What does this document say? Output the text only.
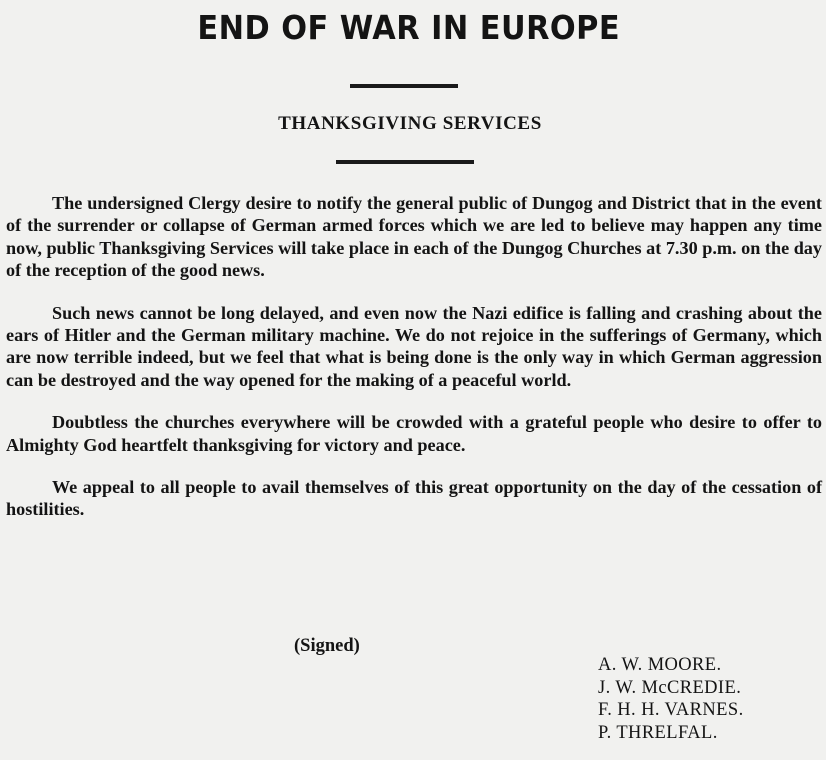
END OF WAR IN EUROPE
THANKSGIVING SERVICES

The undersigned Clergy desire to notify the general public of Dungog and District that in the event of the surrender or collapse of German armed forces which we are led to believe may happen any time now, public Thanksgiving Services will take place in each of the Dungog Churches at 7.30 p.m. on the day of the reception of the good news.

Such news cannot be long delayed, and even now the Nazi edifice is falling and crashing about the ears of Hitler and the German military machine. We do not rejoice in the sufferings of Germany, which are now terrible indeed, but we feel that what is being done is the only way in which German aggression can be destroyed and the way opened for the making of a peaceful world.

Doubtless the churches everywhere will be crowded with a grateful people who desire to offer to Almighty God heartfelt thanksgiving for victory and peace.

We appeal to all people to avail themselves of this great opportunity on the day of the cessation of hostilities.

(Signed)
A. W. MOORE.
J. W. McCREDIE.
F. H. H. VARNES.
P. THRELFAL.
